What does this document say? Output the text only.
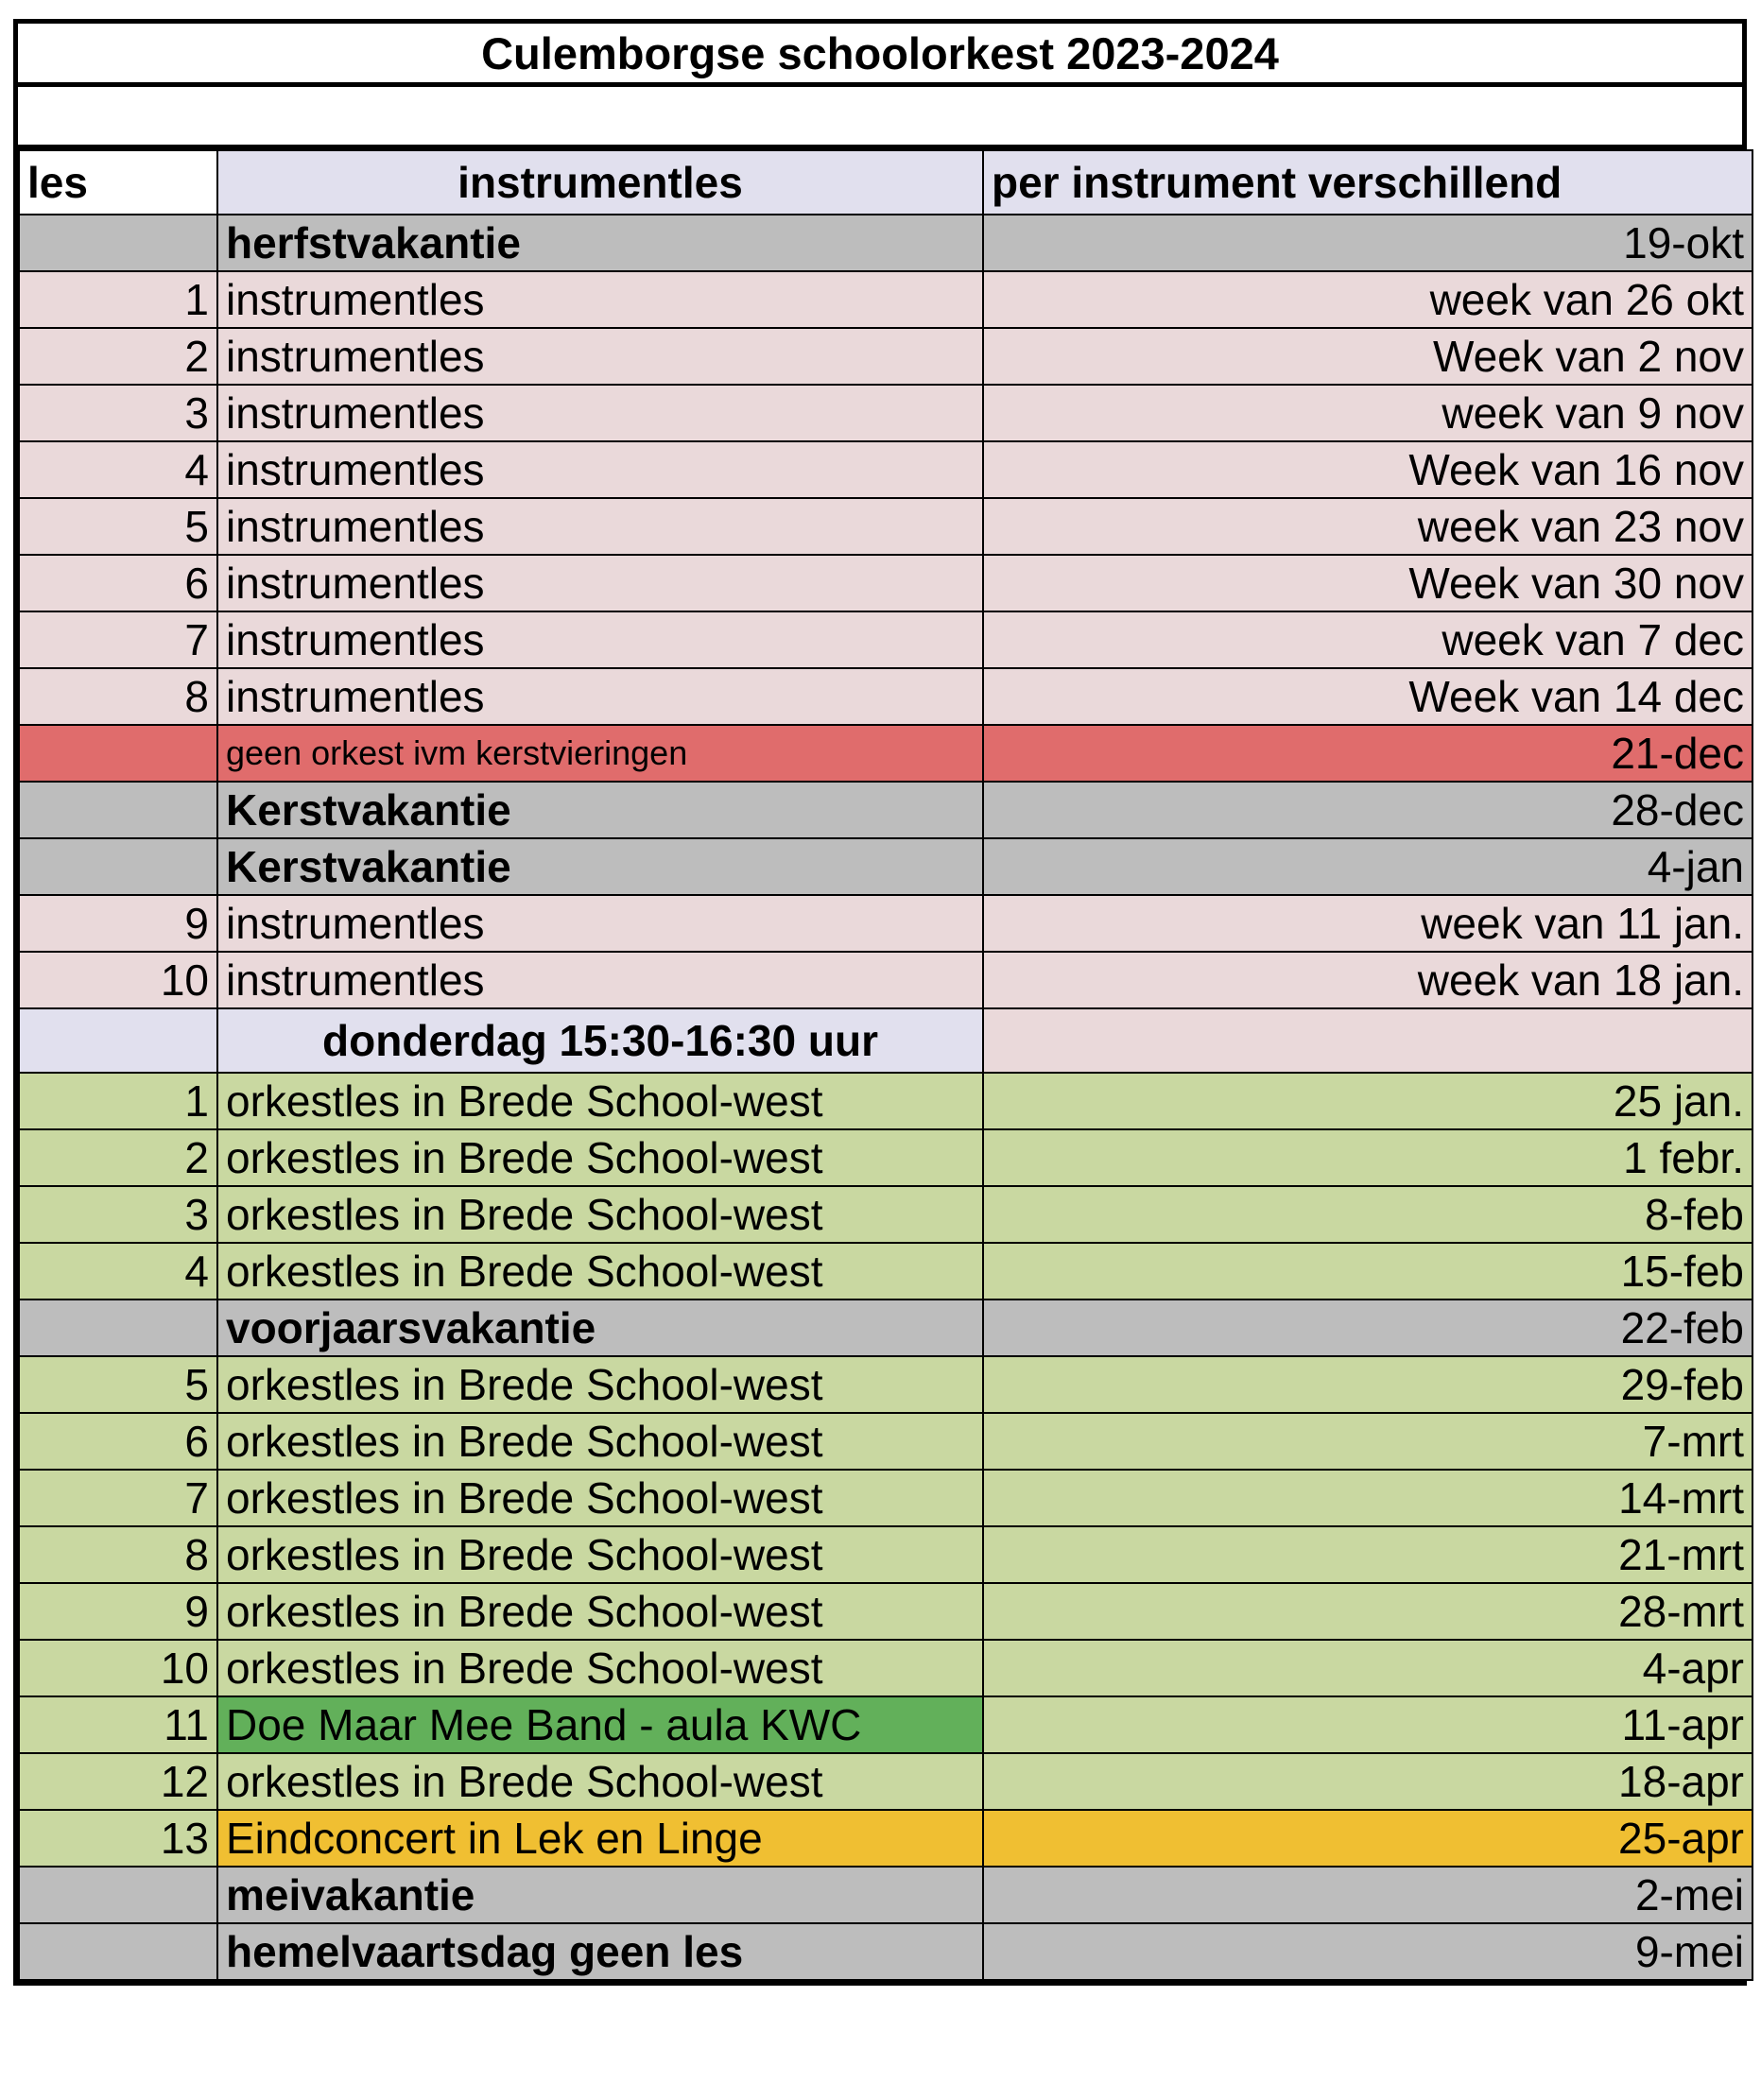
Culemborgse schoolorkest 2023-2024
les	instrumentles	per instrument verschillend
	herfstvakantie	19-okt
1	instrumentles	week van 26 okt
2	instrumentles	Week van 2 nov
3	instrumentles	week van 9 nov
4	instrumentles	Week van 16 nov
5	instrumentles	week van 23 nov
6	instrumentles	Week van 30 nov
7	instrumentles	week van 7 dec
8	instrumentles	Week van 14 dec
	geen orkest ivm kerstvieringen	21-dec
	Kerstvakantie	28-dec
	Kerstvakantie	4-jan
9	instrumentles	week van 11 jan.
10	instrumentles	week van 18 jan.
	donderdag 15:30-16:30 uur	
1	orkestles in Brede School-west	25 jan.
2	orkestles in Brede School-west	1 febr.
3	orkestles in Brede School-west	8-feb
4	orkestles in Brede School-west	15-feb
	voorjaarsvakantie	22-feb
5	orkestles in Brede School-west	29-feb
6	orkestles in Brede School-west	7-mrt
7	orkestles in Brede School-west	14-mrt
8	orkestles in Brede School-west	21-mrt
9	orkestles in Brede School-west	28-mrt
10	orkestles in Brede School-west	4-apr
11	Doe Maar Mee Band - aula KWC	11-apr
12	orkestles in Brede School-west	18-apr
13	Eindconcert in Lek en Linge	25-apr
	meivakantie	2-mei
	hemelvaartsdag geen les	9-mei
